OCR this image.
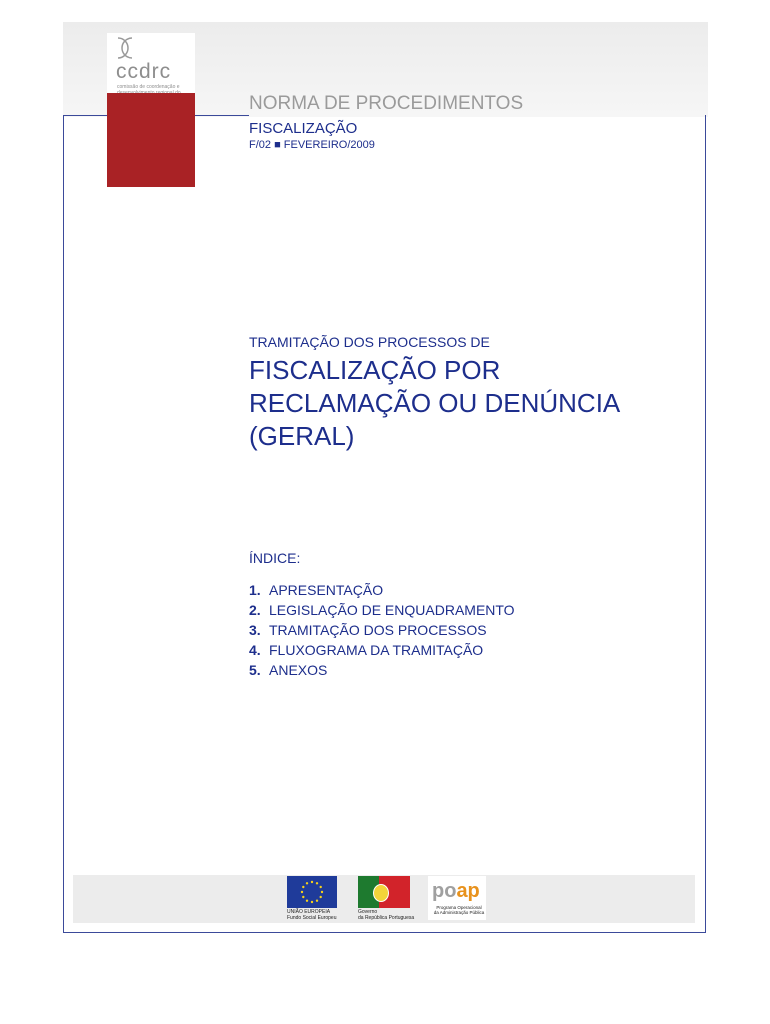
ccdrc
comissão de coordenação e
NORMA DE PROCEDIMENTOS
FISCALIZAÇÃO
F/02 ■ FEVEREIRO/2009
TRAMITAÇÃO DOS PROCESSOS DE
FISCALIZAÇÃO POR
RECLAMAÇÃO OU DENÚNCIA
(GERAL)
ÍNDICE:
1. APRESENTAÇÃO
2. LEGISLAÇÃO DE ENQUADRAMENTO
3. TRAMITAÇÃO DOS PROCESSOS
4. FLUXOGRAMA DA TRAMITAÇÃO
5. ANEXOS
UNIÃO EUROPEIA
Fundo Social Europeu
Governo
da República Portuguesa
poap
Programa Operacional
da Administração Pública
